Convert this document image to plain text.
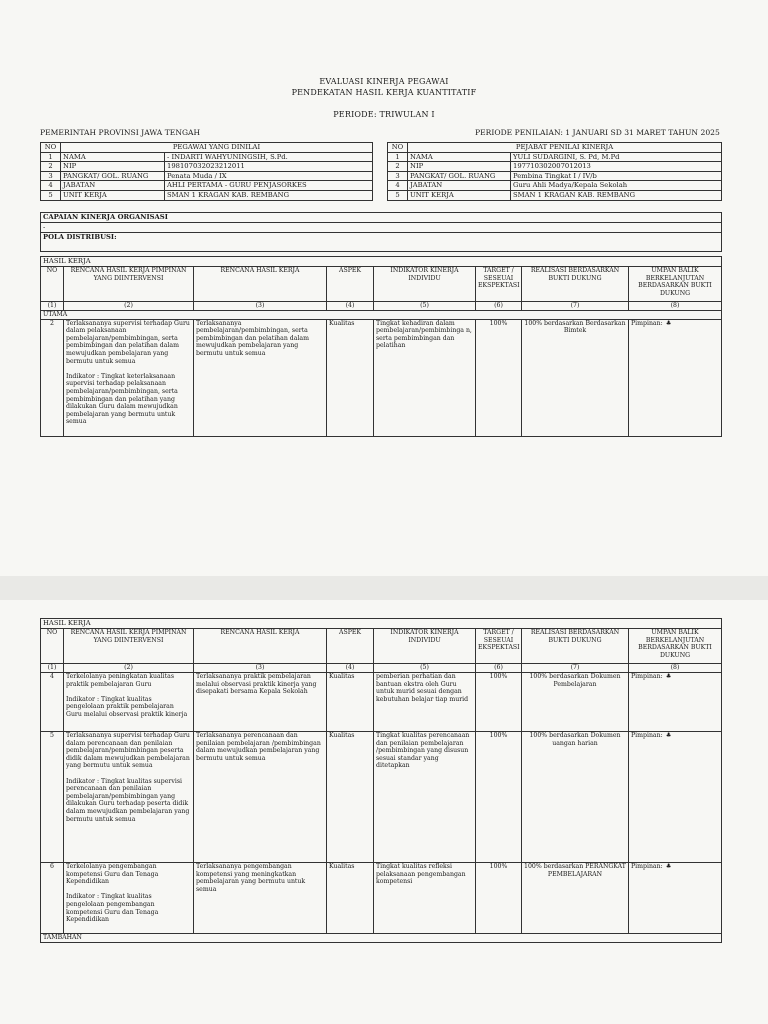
EVALUASI KINERJA PEGAWAI
PENDEKATAN HASIL KERJA KUANTITATIF
PERIODE: TRIWULAN I
PEMERINTAH PROVINSI JAWA TENGAH	PERIODE PENILAIAN: 1 JANUARI SD 31 MARET TAHUN 2025
NO	PEGAWAI YANG DINILAI			NO	PEJABAT PENILAI KINERJA	
1	NAMA	- INDARTI WAHYUNINGSIH, S.Pd.		1	NAMA	YULI SUDARGINI, S. Pd, M.Pd
2	NIP	198107032023212011		2	NIP	197710302007012013
3	PANGKAT/ GOL. RUANG	Penata Muda / IX		3	PANGKAT/ GOL. RUANG	Pembina Tingkat I / IV/b
4	JABATAN	AHLI PERTAMA - GURU PENJASORKES		4	JABATAN	Guru Ahli Madya/Kepala Sekolah
5	UNIT KERJA	SMAN 1 KRAGAN KAB. REMBANG		5	UNIT KERJA	SMAN 1 KRAGAN KAB. REMBANG
CAPAIAN KINERJA ORGANISASI
-
POLA DISTRIBUSI:
HASIL KERJA							
NO	RENCANA HASIL KERJA PIMPINAN YANG DIINTERVENSI	RENCANA HASIL KERJA	ASPEK	INDIKATOR KINERJA INDIVIDU	TARGET / SESEUAI EKSPEKTASI	REALISASI BERDASARKAN BUKTI DUKUNG	UMPAN BALIK BERKELANJUTAN BERDASARKAN BUKTI DUKUNG
(1)	(2)	(3)	(4)	(5)	(6)	(7)	(8)
UTAMA							
2	Terlaksananya supervisi terhadap Guru dalam pelaksanaan pembelajaran/pembimbingan, serta pembimbingan dan pelatihan dalam mewujudkan pembelajaran yang bermutu untuk semua

Indikator : Tingkat keterlaksanaan supervisi terhadap pelaksanaan pembelajaran/pembimbingan, serta pembimbingan dan pelatihan yang dilakukan Guru dalam mewujudkan pembelajaran yang bermutu untuk semua	Terlaksananya pembelajaran/pembimbingan, serta pembimbingan dan pelatihan dalam mewujudkan pembelajaran yang bermutu untuk semua	Kualitas	Tingkat kehadiran dalam pembelajaran/pembimbinga n, serta pembimbingan dan pelatihan	100%	100% berdasarkan Berdasarkan Bimtek	Pimpinan: ♣
HASIL KERJA							
NO	RENCANA HASIL KERJA PIMPINAN YANG DIINTERVENSI	RENCANA HASIL KERJA	ASPEK	INDIKATOR KINERJA INDIVIDU	TARGET / SESEUAI EKSPEKTASI	REALISASI BERDASARKAN BUKTI DUKUNG	UMPAN BALIK BERKELANJUTAN BERDASARKAN BUKTI DUKUNG
(1)	(2)	(3)	(4)	(5)	(6)	(7)	(8)
4	Terkelolanya peningkatan kualitas praktik pembelajaran Guru

Indikator : Tingkat kualitas pengelolaan praktik pembelajaran Guru melalui observasi praktik kinerja	Terlaksananya praktik pembelajaran melalui observasi praktik kinerja yang disepakati bersama Kepala Sekolah	Kualitas	pemberian perhatian dan bantuan ekstra oleh Guru untuk murid sesuai dengan kebutuhan belajar tiap murid	100%	100% berdasarkan Dokumen Pembelajaran	Pimpinan: ♣
5	Terlaksananya supervisi terhadap Guru dalam perencanaan dan penilaian pembelajaran/pembimbingan peserta didik dalam mewujudkan pembelajaran yang bermutu untuk semua

Indikator : Tingkat kualitas supervisi perencanaan dan penilaian pembelajaran/pembimbingan yang dilakukan Guru terhadap peserta didik dalam mewujudkan pembelajaran yang bermutu untuk semua	Terlaksananya perencanaan dan penilaian pembelajaran /pembimbingan dalam mewujudkan pembelajaran yang bermutu untuk semua	Kualitas	Tingkat kualitas perencanaan dan penilaian pembelajaran /pembimbingan yang disusun sesuai standar yang ditetapkan	100%	100% berdasarkan Dokumen uangan harian	Pimpinan: ♣
6	Terkelolanya pengembangan kompetensi Guru dan Tenaga Kependidikan

Indikator : Tingkat kualitas pengelolaan pengembangan kompetensi Guru dan Tenaga Kependidikan	Terlaksananya pengembangan kompetensi yang meningkatkan pembelajaran yang bermutu untuk semua	Kualitas	Tingkat kualitas refleksi pelaksanaan pengembangan kompetensi	100%	100% berdasarkan PERANGKAT PEMBELAJARAN	Pimpinan: ♣
TAMBAHAN							
